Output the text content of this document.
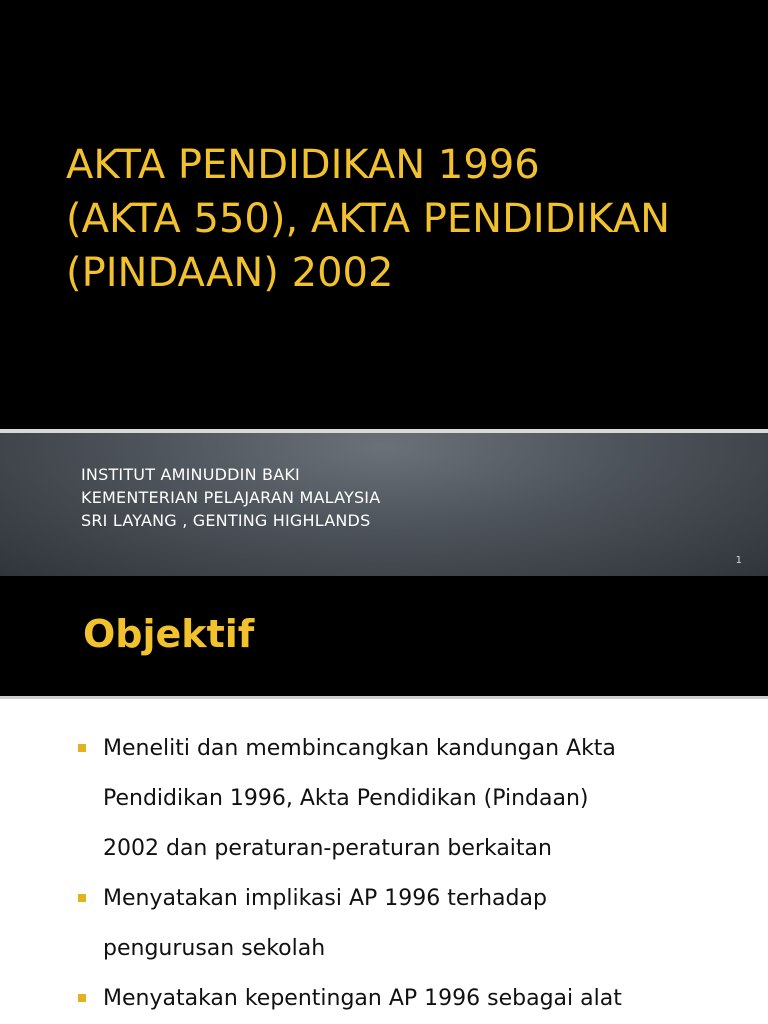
AKTA PENDIDIKAN 1996
(AKTA 550), AKTA PENDIDIKAN
(PINDAAN) 2002
INSTITUT AMINUDDIN BAKI
KEMENTERIAN PELAJARAN MALAYSIA
SRI LAYANG , GENTING HIGHLANDS
1
Objektif
Meneliti dan membincangkan kandungan Akta
Pendidikan 1996, Akta Pendidikan (Pindaan)
2002 dan peraturan-peraturan berkaitan
Menyatakan implikasi AP 1996 terhadap
pengurusan sekolah
Menyatakan kepentingan AP 1996 sebagai alat
